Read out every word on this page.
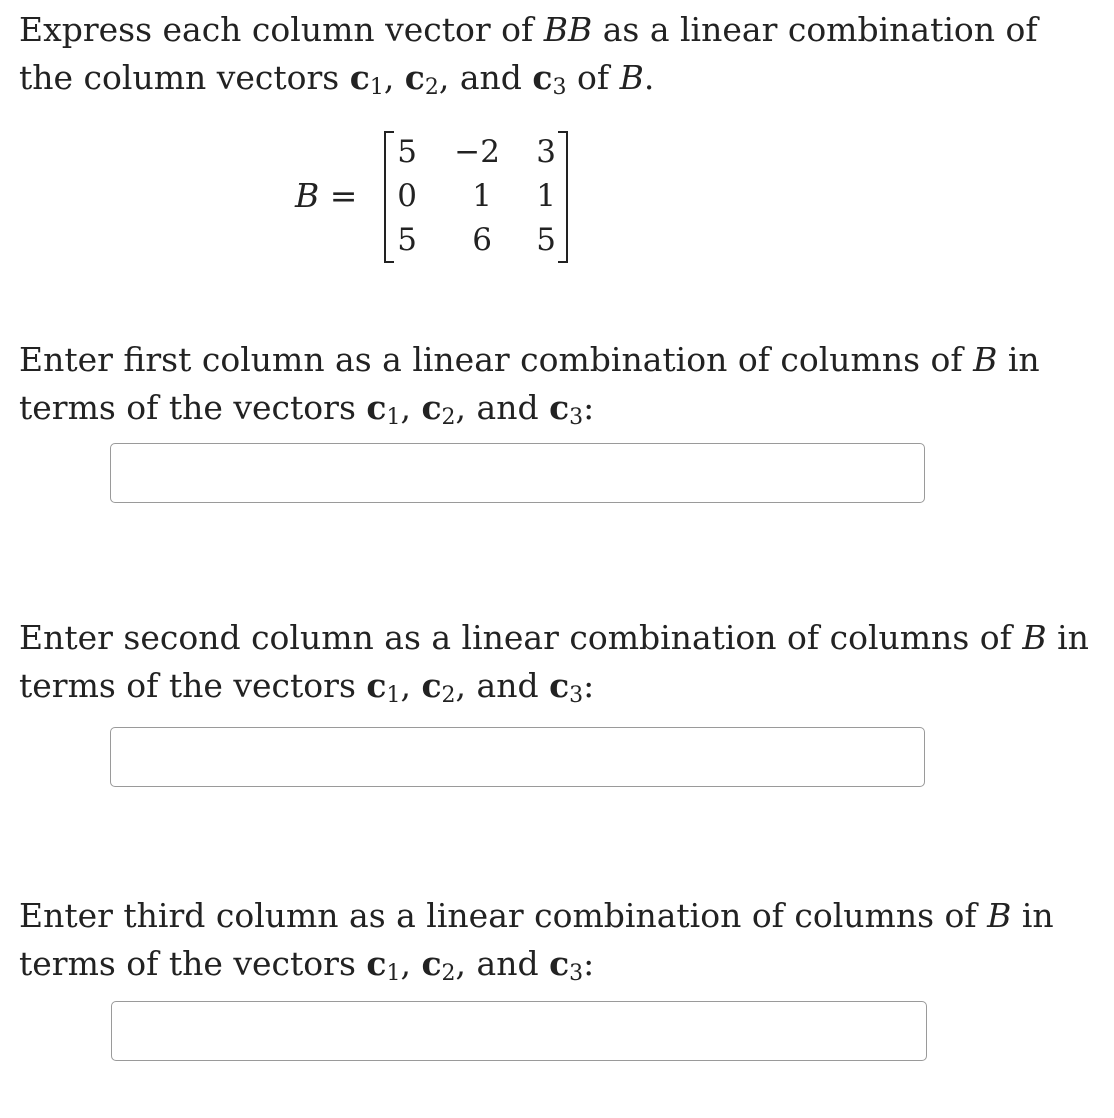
Express each column vector of BB as a linear combination of
the column vectors $c_1$, $c_2$, and $c_3$ of B.

B =
5	−2	3
0	1	1
5	6	5

Enter first column as a linear combination of columns of B in
terms of the vectors $c_1$, $c_2$, and $c_3$:

Enter second column as a linear combination of columns of B in
terms of the vectors $c_1$, $c_2$, and $c_3$:

Enter third column as a linear combination of columns of B in
terms of the vectors $c_1$, $c_2$, and $c_3$:
